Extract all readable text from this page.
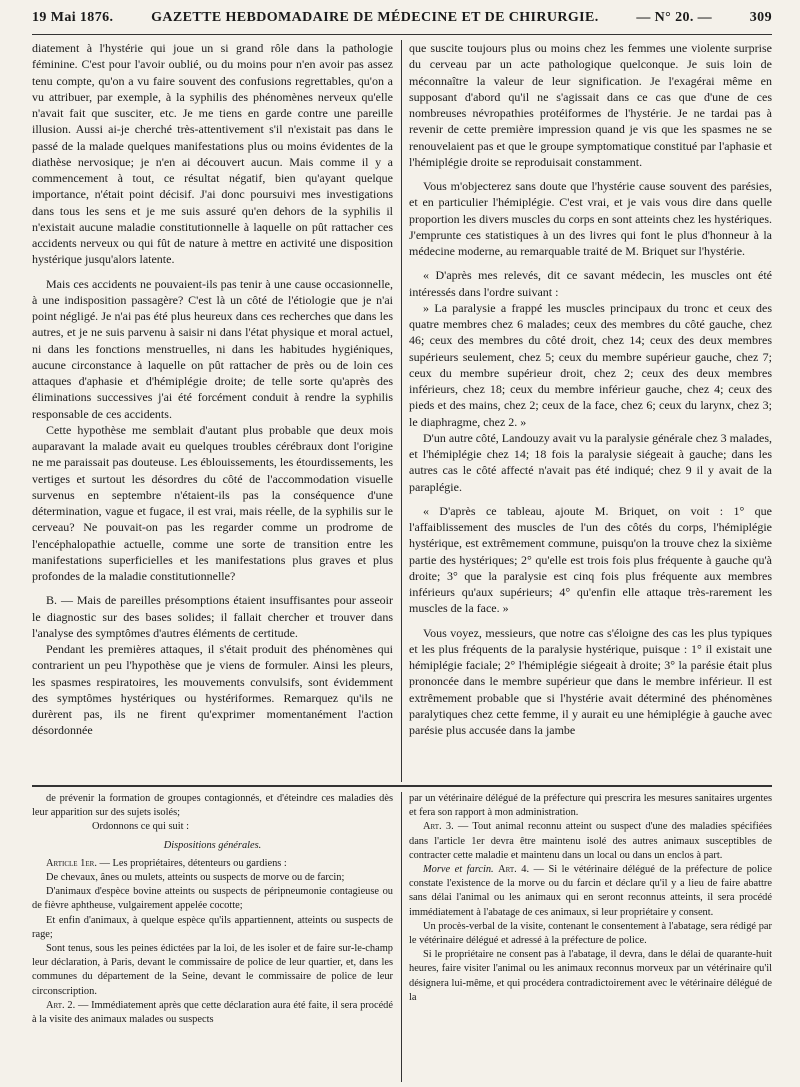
19 Mai 1876.	GAZETTE HEBDOMADAIRE DE MÉDECINE ET DE CHIRURGIE.	— N° 20. —	309

diatement à l'hystérie qui joue un si grand rôle dans la pathologie féminine. C'est pour l'avoir oublié, ou du moins pour n'en avoir pas assez tenu compte, qu'on a vu faire souvent des confusions regrettables, qu'on a vu attribuer, par exemple, à la syphilis des phénomènes nerveux qu'elle n'avait fait que susciter, etc. Je me tiens en garde contre une pareille illusion. Aussi ai-je cherché très-attentivement s'il n'existait pas dans le passé de la malade quelques manifestations plus ou moins évidentes de la diathèse nervosique; je n'en ai découvert aucun. Mais comme il y a commencement à tout, ce résultat négatif, bien qu'ayant quelque importance, n'était point décisif. J'ai donc poursuivi mes investigations dans tous les sens et je me suis assuré qu'en dehors de la syphilis il n'existait aucune maladie constitutionnelle à laquelle on pût rattacher ces accidents nerveux ou qui fût de nature à mettre en activité une disposition hystérique jusqu'alors latente.

Mais ces accidents ne pouvaient-ils pas tenir à une cause occasionnelle, à une indisposition passagère? C'est là un côté de l'étiologie que je n'ai point négligé. Je n'ai pas été plus heureux dans ces recherches que dans les autres, et je ne suis parvenu à saisir ni dans l'état physique et moral actuel, ni dans les fonctions menstruelles, ni dans les habitudes hygiéniques, aucune circonstance à laquelle on pût rattacher de près ou de loin ces attaques d'aphasie et d'hémiplégie droite; de telle sorte qu'après des éliminations successives j'ai été forcément conduit à rendre la syphilis responsable de ces accidents.

Cette hypothèse me semblait d'autant plus probable que deux mois auparavant la malade avait eu quelques troubles cérébraux dont l'origine ne me paraissait pas douteuse. Les éblouissements, les étourdissements, les vertiges et surtout les désordres du côté de l'accommodation visuelle survenus en septembre n'étaient-ils pas la conséquence d'une détermination, vague et fugace, il est vrai, mais réelle, de la syphilis sur le cerveau? Ne pouvait-on pas les regarder comme un prodrome de l'encéphalopathie actuelle, comme une sorte de transition entre les manifestations superficielles et les manifestations plus graves et plus profondes de la maladie constitutionnelle?

B. — Mais de pareilles présomptions étaient insuffisantes pour asseoir le diagnostic sur des bases solides; il fallait chercher et trouver dans l'analyse des symptômes d'autres éléments de certitude.

Pendant les premières attaques, il s'était produit des phénomènes qui contrarient un peu l'hypothèse que je viens de formuler. Ainsi les pleurs, les spasmes respiratoires, les mouvements convulsifs, sont évidemment des symptômes hystériques ou hystériformes. Remarquez qu'ils ne durèrent pas, ils ne firent qu'exprimer momentanément l'action désordonnée

que suscite toujours plus ou moins chez les femmes une violente surprise du cerveau par un acte pathologique quelconque. Je suis loin de méconnaître la valeur de leur signification. Je l'exagérai même en supposant d'abord qu'il ne s'agissait dans ce cas que d'une de ces nombreuses névropathies protéiformes de l'hystérie. Je ne tardai pas à revenir de cette première impression quand je vis que les spasmes ne se renouvelaient pas et que le groupe symptomatique constitué par l'aphasie et l'hémiplégie droite se reproduisait constamment.

Vous m'objecterez sans doute que l'hystérie cause souvent des parésies, et en particulier l'hémiplégie. C'est vrai, et je vais vous dire dans quelle proportion les divers muscles du corps en sont atteints chez les hystériques. J'emprunte ces statistiques à un des livres qui font le plus d'honneur à la médecine moderne, au remarquable traité de M. Briquet sur l'hystérie.

« D'après mes relevés, dit ce savant médecin, les muscles ont été intéressés dans l'ordre suivant :

» La paralysie a frappé les muscles principaux du tronc et ceux des quatre membres chez 6 malades; ceux des membres du côté gauche, chez 46; ceux des membres du côté droit, chez 14; ceux des deux membres supérieurs seulement, chez 5; ceux du membre supérieur gauche, chez 7; ceux du membre supérieur droit, chez 2; ceux des deux membres inférieurs, chez 18; ceux du membre inférieur gauche, chez 4; ceux des pieds et des mains, chez 2; ceux de la face, chez 6; ceux du larynx, chez 3; le diaphragme, chez 2. »

D'un autre côté, Landouzy avait vu la paralysie générale chez 3 malades, et l'hémiplégie chez 14; 18 fois la paralysie siégeait à gauche; dans les autres cas le côté affecté n'avait pas été indiqué; chez 9 il y avait de la paraplégie.

« D'après ce tableau, ajoute M. Briquet, on voit : 1° que l'affaiblissement des muscles de l'un des côtés du corps, l'hémiplégie hystérique, est extrêmement commune, puisqu'on la trouve chez la sixième partie des hystériques; 2° qu'elle est trois fois plus fréquente à gauche qu'à droite; 3° que la paralysie est cinq fois plus fréquente aux membres inférieurs qu'aux supérieurs; 4° qu'enfin elle attaque très-rarement les muscles de la face. »

Vous voyez, messieurs, que notre cas s'éloigne des cas les plus typiques et les plus fréquents de la paralysie hystérique, puisque : 1° il existait une hémiplégie faciale; 2° l'hémiplégie siégeait à droite; 3° la parésie était plus prononcée dans le membre supérieur que dans le membre inférieur. Il est extrêmement probable que si l'hystérie avait déterminé des phénomènes paralytiques chez cette femme, il y aurait eu une hémiplégie à gauche avec parésie plus accusée dans la jambe

de prévenir la formation de groupes contagionnés, et d'éteindre ces maladies dès leur apparition sur des sujets isolés;

Ordonnons ce qui suit :

Dispositions générales.

Article 1er. — Les propriétaires, détenteurs ou gardiens :

De chevaux, ânes ou mulets, atteints ou suspects de morve ou de farcin;

D'animaux d'espèce bovine atteints ou suspects de péripneumonie contagieuse ou de fièvre aphtheuse, vulgairement appelée cocotte;

Et enfin d'animaux, à quelque espèce qu'ils appartiennent, atteints ou suspects de rage;

Sont tenus, sous les peines édictées par la loi, de les isoler et de faire sur-le-champ leur déclaration, à Paris, devant le commissaire de police de leur quartier, et, dans les communes du département de la Seine, devant le commissaire de police de leur circonscription.

Art. 2. — Immédiatement après que cette déclaration aura été faite, il sera procédé à la visite des animaux malades ou suspects

par un vétérinaire délégué de la préfecture qui prescrira les mesures sanitaires urgentes et fera son rapport à mon administration.

Art. 3. — Tout animal reconnu atteint ou suspect d'une des maladies spécifiées dans l'article 1er devra être maintenu isolé des autres animaux susceptibles de contracter cette maladie et maintenu dans un local ou dans un enclos à part.

Morve et farcin. Art. 4. — Si le vétérinaire délégué de la préfecture de police constate l'existence de la morve ou du farcin et déclare qu'il y a lieu de faire abattre sans délai l'animal ou les animaux qui en seront reconnus atteints, il sera procédé immédiatement à l'abatage de ces animaux, si leur propriétaire y consent.

Un procès-verbal de la visite, contenant le consentement à l'abatage, sera rédigé par le vétérinaire délégué et adressé à la préfecture de police.

Si le propriétaire ne consent pas à l'abatage, il devra, dans le délai de quarante-huit heures, faire visiter l'animal ou les animaux reconnus morveux par un vétérinaire qu'il désignera lui-même, et qui procédera contradictoirement avec le vétérinaire délégué de la
